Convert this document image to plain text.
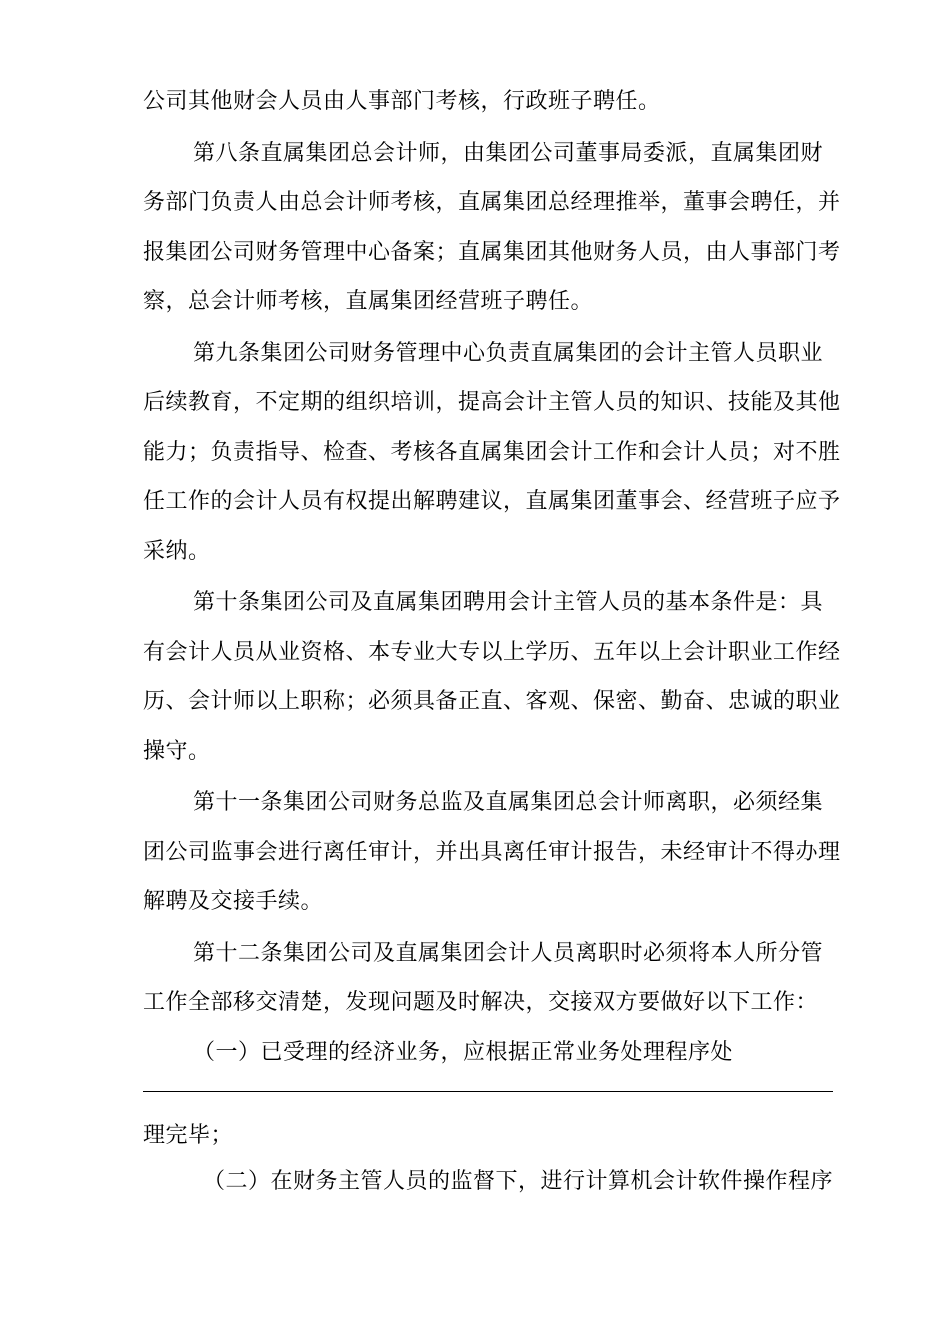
公司其他财会人员由人事部门考核，行政班子聘任。
第八条直属集团总会计师，由集团公司董事局委派，直属集团财
务部门负责人由总会计师考核，直属集团总经理推举，董事会聘任，并
报集团公司财务管理中心备案；直属集团其他财务人员，由人事部门考
察，总会计师考核，直属集团经营班子聘任。
第九条集团公司财务管理中心负责直属集团的会计主管人员职业
后续教育，不定期的组织培训，提高会计主管人员的知识、技能及其他
能力；负责指导、检查、考核各直属集团会计工作和会计人员；对不胜
任工作的会计人员有权提出解聘建议，直属集团董事会、经营班子应予
采纳。
第十条集团公司及直属集团聘用会计主管人员的基本条件是：具
有会计人员从业资格、本专业大专以上学历、五年以上会计职业工作经
历、会计师以上职称；必须具备正直、客观、保密、勤奋、忠诚的职业
操守。
第十一条集团公司财务总监及直属集团总会计师离职，必须经集
团公司监事会进行离任审计，并出具离任审计报告，未经审计不得办理
解聘及交接手续。
第十二条集团公司及直属集团会计人员离职时必须将本人所分管
工作全部移交清楚，发现问题及时解决，交接双方要做好以下工作：
（一）已受理的经济业务，应根据正常业务处理程序处
理完毕；
（二）在财务主管人员的监督下，进行计算机会计软件操作程序
